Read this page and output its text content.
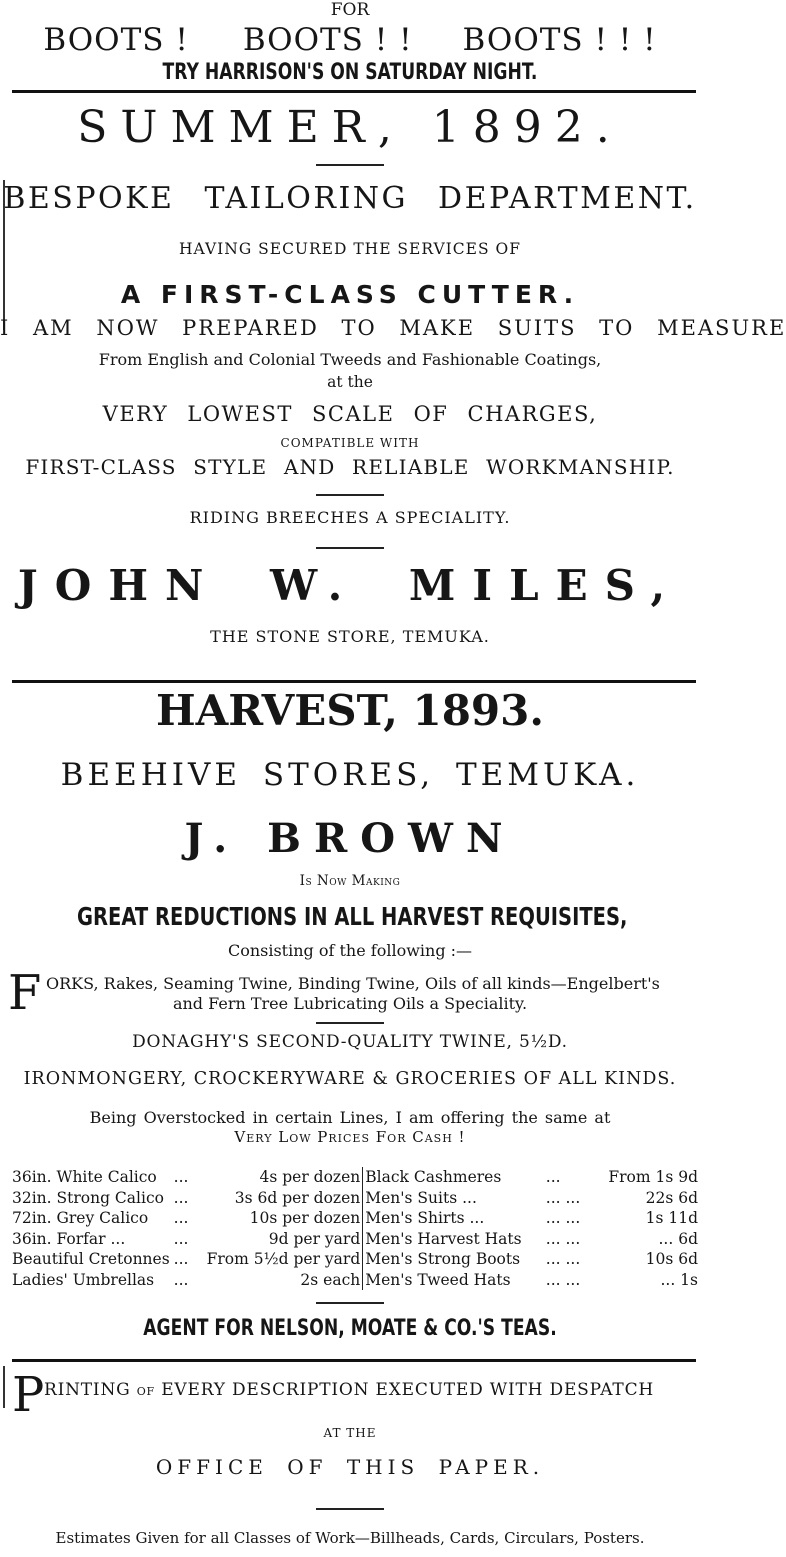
FOR
BOOTS ! BOOTS ! ! BOOTS ! ! !
TRY HARRISON'S ON SATURDAY NIGHT.
SUMMER, 1892.
BESPOKE TAILORING DEPARTMENT.
HAVING SECURED THE SERVICES OF
A FIRST-CLASS CUTTER.
I AM NOW PREPARED TO MAKE SUITS TO MEASURE
From English and Colonial Tweeds and Fashionable Coatings,
at the
VERY LOWEST SCALE OF CHARGES,
COMPATIBLE WITH
FIRST-CLASS STYLE AND RELIABLE WORKMANSHIP.
RIDING BREECHES A SPECIALITY.
JOHN W. MILES,
THE STONE STORE, TEMUKA.
HARVEST, 1893.
BEEHIVE STORES, TEMUKA.
J. BROWN
Is Now Making
GREAT REDUCTIONS IN ALL HARVEST REQUISITES,
Consisting of the following :—
F ORKS, Rakes, Seaming Twine, Binding Twine, Oils of all kinds—Engelbert's
and Fern Tree Lubricating Oils a Speciality.
DONAGHY'S SECOND-QUALITY TWINE, 5½D.
IRONMONGERY, CROCKERYWARE & GROCERIES OF ALL KINDS.
Being Overstocked in certain Lines, I am offering the same at
Very Low Prices For Cash !
36in. White Calico	...	4s per dozen	Black Cashmeres	...	From 1s 9d
32in. Strong Calico	...	3s 6d per dozen	Men's Suits ...	... ...	22s 6d
72in. Grey Calico	...	10s per dozen	Men's Shirts ...	... ...	1s 11d
36in. Forfar ...	...	9d per yard	Men's Harvest Hats	... ...	... 6d
Beautiful Cretonnes	...	From 5½d per yard	Men's Strong Boots	... ...	10s 6d
Ladies' Umbrellas	...	2s each	Men's Tweed Hats	... ...	... 1s
AGENT FOR NELSON, MOATE & CO.'S TEAS.
P RINTING OF EVERY DESCRIPTION EXECUTED WITH DESPATCH
AT THE
OFFICE OF THIS PAPER.
Estimates Given for all Classes of Work—Billheads, Cards, Circulars, Posters.
